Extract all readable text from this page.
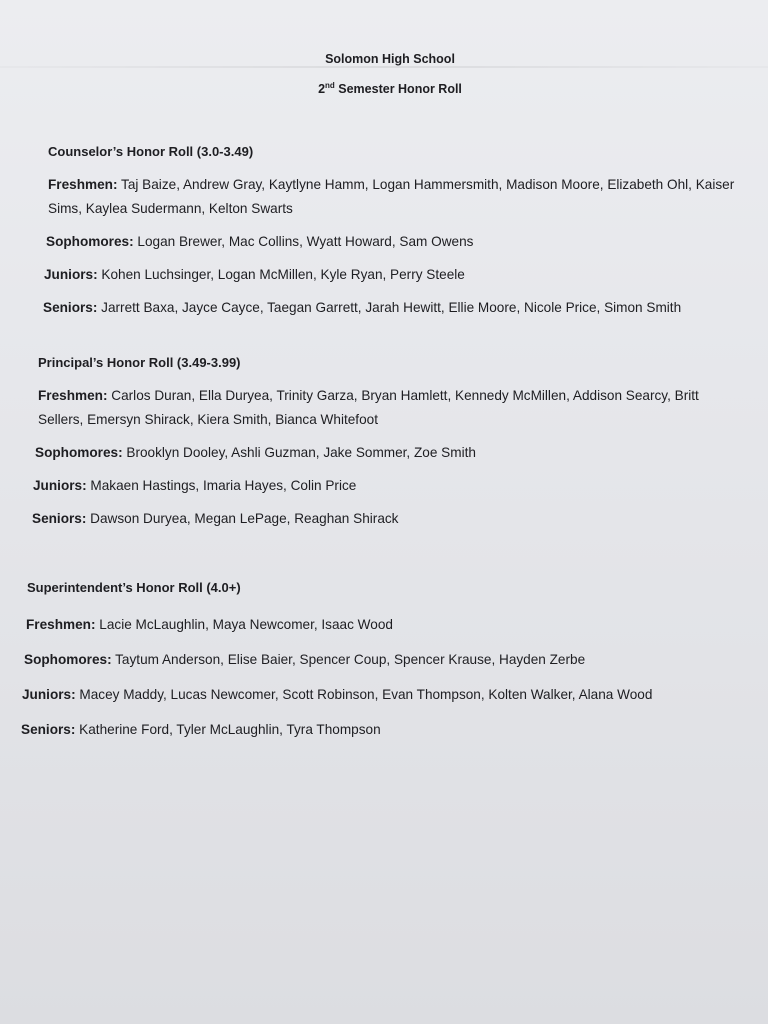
Solomon High School
2nd Semester Honor Roll
Counselor’s Honor Roll (3.0-3.49)
Freshmen: Taj Baize, Andrew Gray, Kaytlyne Hamm, Logan Hammersmith, Madison Moore, Elizabeth Ohl, Kaiser Sims, Kaylea Sudermann, Kelton Swarts
Sophomores: Logan Brewer, Mac Collins, Wyatt Howard, Sam Owens
Juniors: Kohen Luchsinger, Logan McMillen, Kyle Ryan, Perry Steele
Seniors: Jarrett Baxa, Jayce Cayce, Taegan Garrett, Jarah Hewitt, Ellie Moore, Nicole Price, Simon Smith
Principal’s Honor Roll (3.49-3.99)
Freshmen: Carlos Duran, Ella Duryea, Trinity Garza, Bryan Hamlett, Kennedy McMillen, Addison Searcy, Britt Sellers, Emersyn Shirack, Kiera Smith, Bianca Whitefoot
Sophomores: Brooklyn Dooley, Ashli Guzman, Jake Sommer, Zoe Smith
Juniors: Makaen Hastings, Imaria Hayes, Colin Price
Seniors: Dawson Duryea, Megan LePage, Reaghan Shirack
Superintendent’s Honor Roll (4.0+)
Freshmen: Lacie McLaughlin, Maya Newcomer, Isaac Wood
Sophomores: Taytum Anderson, Elise Baier, Spencer Coup, Spencer Krause, Hayden Zerbe
Juniors: Macey Maddy, Lucas Newcomer, Scott Robinson, Evan Thompson, Kolten Walker, Alana Wood
Seniors: Katherine Ford, Tyler McLaughlin, Tyra Thompson
